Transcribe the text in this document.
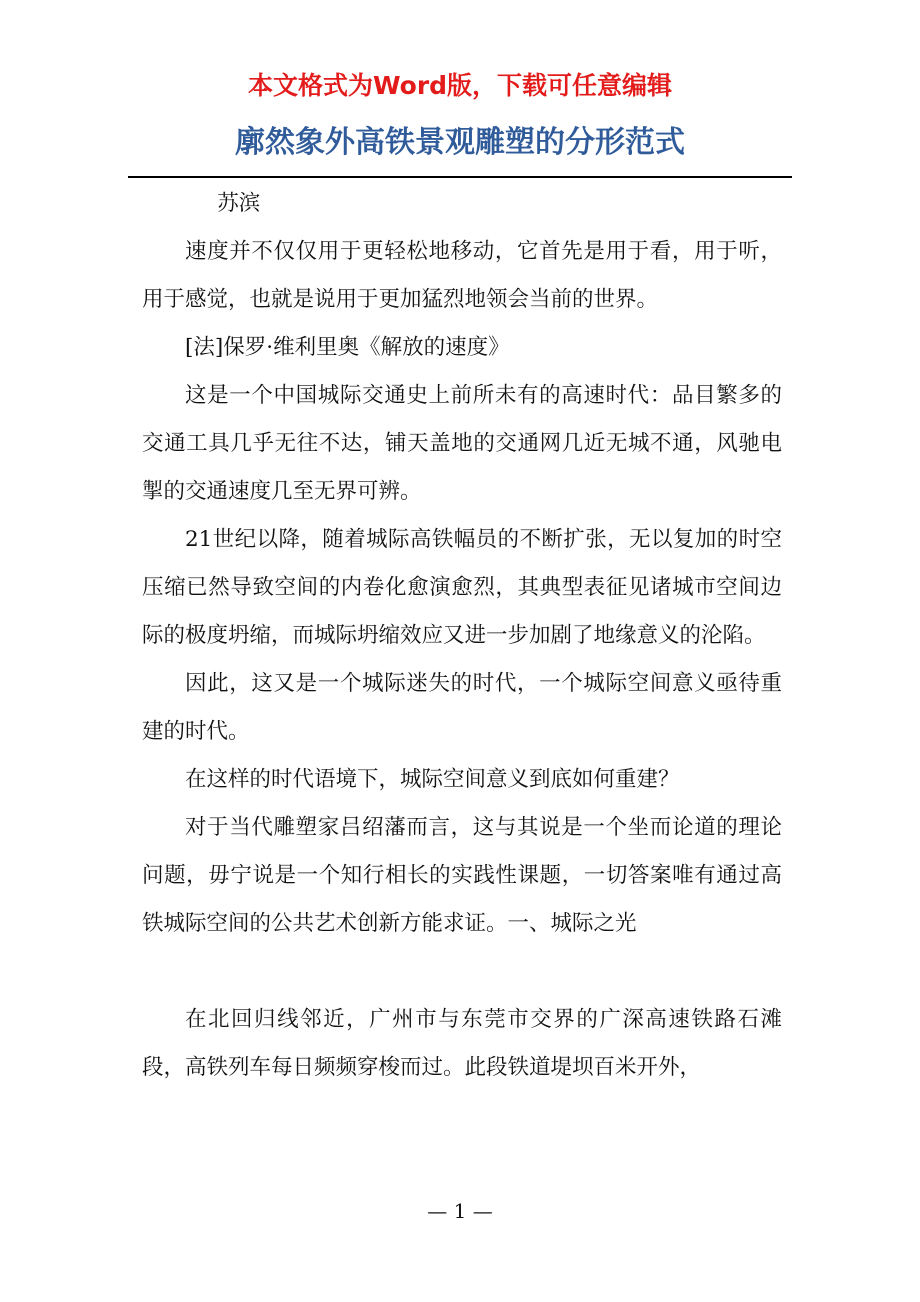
本文格式为Word版，下载可任意编辑
廓然象外高铁景观雕塑的分形范式

苏滨

速度并不仅仅用于更轻松地移动，它首先是用于看，用于听，用于感觉，也就是说用于更加猛烈地领会当前的世界。

[法]保罗·维利里奥《解放的速度》

这是一个中国城际交通史上前所未有的高速时代：品目繁多的交通工具几乎无往不达，铺天盖地的交通网几近无城不通，风驰电掣的交通速度几至无界可辨。

21世纪以降，随着城际高铁幅员的不断扩张，无以复加的时空压缩已然导致空间的内卷化愈演愈烈，其典型表征见诸城市空间边际的极度坍缩，而城际坍缩效应又进一步加剧了地缘意义的沦陷。

因此，这又是一个城际迷失的时代，一个城际空间意义亟待重建的时代。

在这样的时代语境下，城际空间意义到底如何重建？

对于当代雕塑家吕绍藩而言，这与其说是一个坐而论道的理论问题，毋宁说是一个知行相长的实践性课题，一切答案唯有通过高铁城际空间的公共艺术创新方能求证。一、城际之光

在北回归线邻近，广州市与东莞市交界的广深高速铁路石滩段，高铁列车每日频频穿梭而过。此段铁道堤坝百米开外，

— 1 —
